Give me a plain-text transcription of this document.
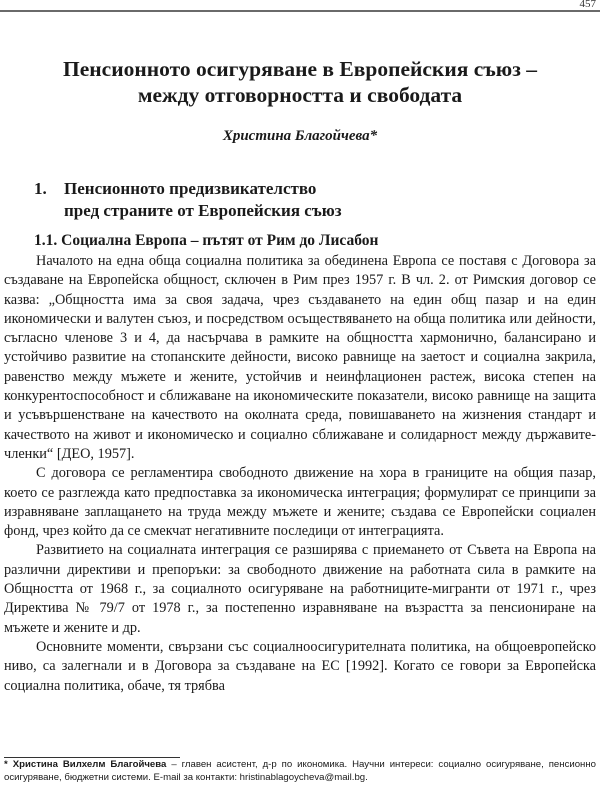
457
Пенсионното осигуряване в Европейския съюз –
между отговорността и свободата

Христина Благойчева*

1.	Пенсионното предизвикателство
пред страните от Европейския съюз
1.1. Социална Европа – пътят от Рим до Лисабон

Началото на една обща социална политика за обединена Европа се поставя с Договора за създаване на Европейска общност, сключен в Рим през 1957 г. В чл. 2. от Римския договор се казва: „Общността има за своя задача, чрез създаването на един общ пазар и на един икономически и валутен съюз, и посредством осъществяването на обща политика или дейности, съгласно членове 3 и 4, да насърчава в рамките на общността хармонично, балансирано и устойчиво развитие на стопанските дейности, високо равнище на заетост и социална закрила, равенство между мъжете и жените, устойчив и неинфлационен растеж, висока степен на конкурентоспособност и сближаване на икономическите показатели, високо равнище на защита и усъвършенстване на качеството на околната среда, повишаването на жизнения стандарт и качеството на живот и икономическо и социално сближаване и солидарност между държавите-членки“ [ДЕО, 1957].

С договора се регламентира свободното движение на хора в границите на общия пазар, което се разглежда като предпоставка за икономическа интеграция; формулират се принципи за изравняване заплащането на труда между мъжете и жените; създава се Европейски социален фонд, чрез който да се смекчат негативните последици от интеграцията.

Развитието на социалната интеграция се разширява с приемането от Съвета на Европа на различни директиви и препоръки: за свободното движение на работната сила в рамките на Общността от 1968 г., за социалното осигуряване на работниците-мигранти от 1971 г., чрез Директива № 79/7 от 1978 г., за постепенно изравняване на възрастта за пенсиониране на мъжете и жените и др.

Основните моменти, свързани със социалноосигурителната политика, на общоевропейско ниво, са залегнали и в Договора за създаване на ЕС [1992]. Когато се говори за Европейска социална политика, обаче, тя трябва

* Христина Вилхелм Благойчева – главен асистент, д-р по икономика. Научни интереси: социално осигуряване, пенсионно осигуряване, бюджетни системи. E-mail за контакти: hristinablagoycheva@mail.bg.
